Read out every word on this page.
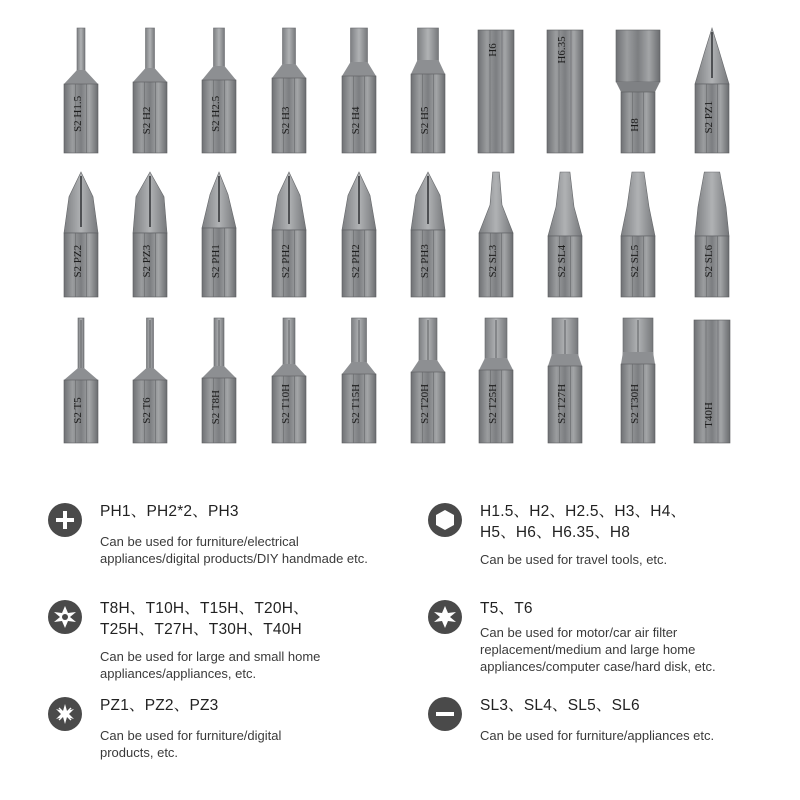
S2 H1.5	S2 H2	S2 H2.5	S2 H3	S2 H4	S2 H5
H6	H6.35
H8	S2 PZ1
S2 PZ2	S2 PZ3	S2 PH1	S2 PH2	S2 PH2	S2 PH3	S2 SL3	S2 SL4	S2 SL5	S2 SL6
S2 T5	S2 T6	S2 T8H	S2 T10H	S2 T15H	S2 T20H	S2 T25H	S2 T27H	S2 T30H	T40H
PH1、PH2*2、PH3
Can be used for furniture/electrical
appliances/digital products/DIY handmade etc.
H1.5、H2、H2.5、H3、H4、
H5、H6、H6.35、H8
Can be used for travel tools, etc.
T8H、T10H、T15H、T20H、
T25H、T27H、T30H、T40H
Can be used for large and small home
appliances/appliances, etc.
T5、T6
Can be used for motor/car air filter
replacement/medium and large home
appliances/computer case/hard disk, etc.
PZ1、PZ2、PZ3
Can be used for furniture/digital
products, etc.
SL3、SL4、SL5、SL6
Can be used for furniture/appliances etc.
